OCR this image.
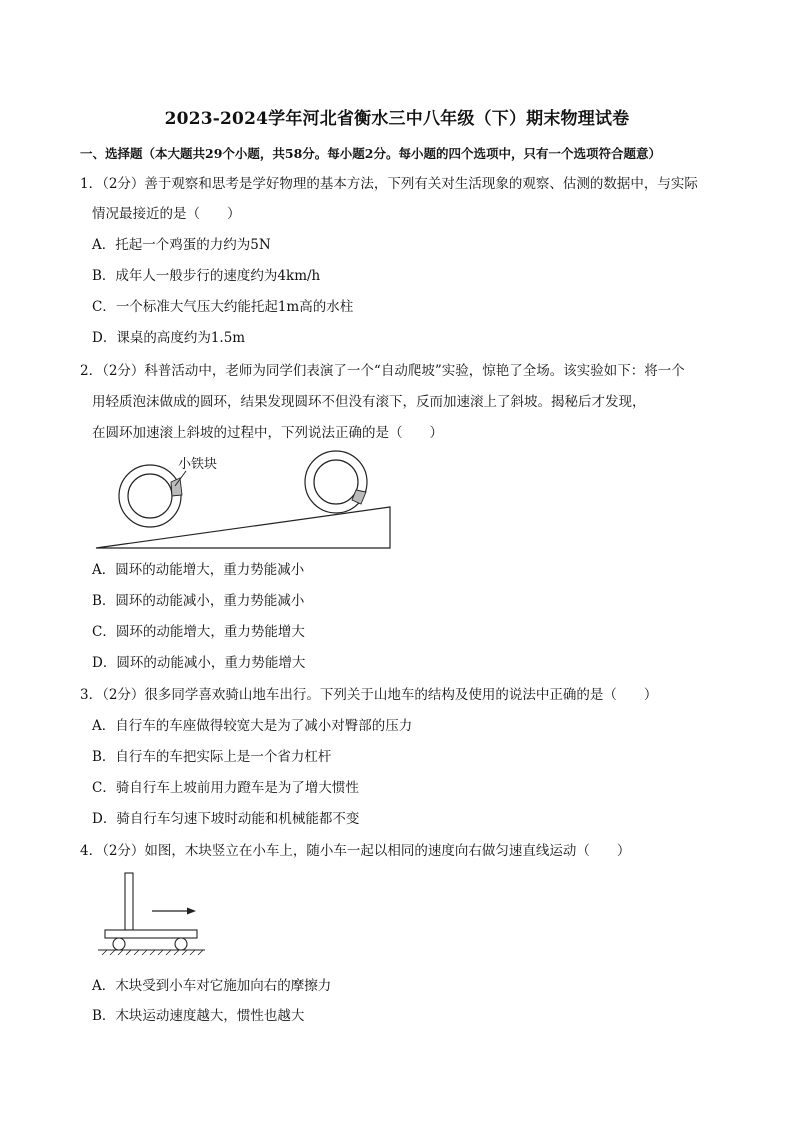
2023-2024学年河北省衡水三中八年级（下）期末物理试卷
一、选择题（本大题共29个小题，共58分。每小题2分。每小题的四个选项中，只有一个选项符合题意）
1．（2分）善于观察和思考是学好物理的基本方法，下列有关对生活现象的观察、估测的数据中，与实际
情况最接近的是（　　）
A．托起一个鸡蛋的力约为5N
B．成年人一般步行的速度约为4km/h
C．一个标准大气压大约能托起1m高的水柱
D．课桌的高度约为1.5m
2．（2分）科普活动中，老师为同学们表演了一个“自动爬坡”实验，惊艳了全场。该实验如下：将一个
用轻质泡沫做成的圆环，结果发现圆环不但没有滚下，反而加速滚上了斜坡。揭秘后才发现，
在圆环加速滚上斜坡的过程中，下列说法正确的是（　　）
小铁块
A．圆环的动能增大，重力势能减小
B．圆环的动能减小，重力势能减小
C．圆环的动能增大，重力势能增大
D．圆环的动能减小，重力势能增大
3．（2分）很多同学喜欢骑山地车出行。下列关于山地车的结构及使用的说法中正确的是（　　）
A．自行车的车座做得较宽大是为了减小对臀部的压力
B．自行车的车把实际上是一个省力杠杆
C．骑自行车上坡前用力蹬车是为了增大惯性
D．骑自行车匀速下坡时动能和机械能都不变
4．（2分）如图，木块竖立在小车上，随小车一起以相同的速度向右做匀速直线运动（　　）
A．木块受到小车对它施加向右的摩擦力
B．木块运动速度越大，惯性也越大
